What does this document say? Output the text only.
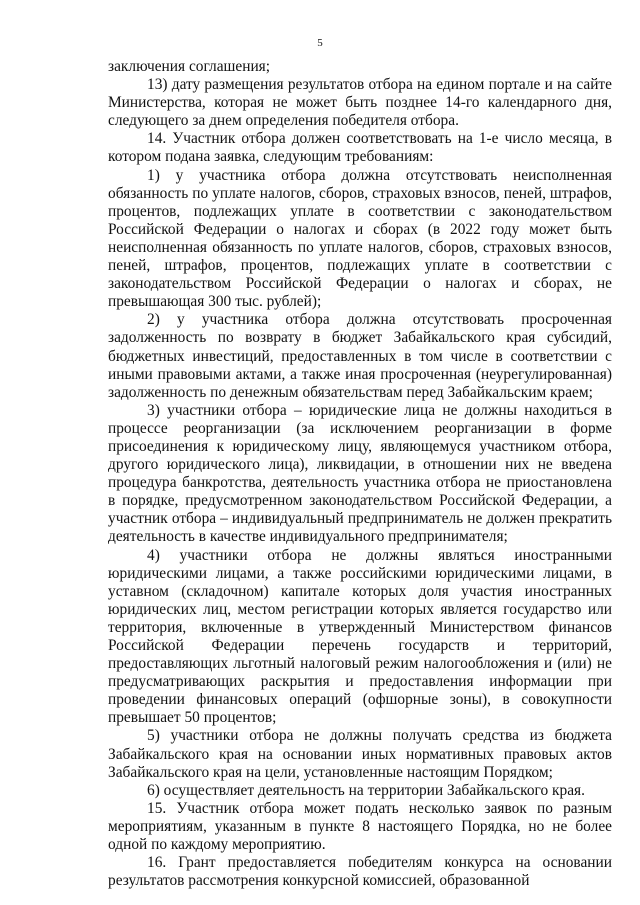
5

заключения соглашения;

13) дату размещения результатов отбора на едином портале и на сайте Министерства, которая не может быть позднее 14-го календарного дня, следующего за днем определения победителя отбора.

14. Участник отбора должен соответствовать на 1-е число месяца, в котором подана заявка, следующим требованиям:

1) у участника отбора должна отсутствовать неисполненная обязанность по уплате налогов, сборов, страховых взносов, пеней, штрафов, процентов, подлежащих уплате в соответствии с законодательством Российской Федерации о налогах и сборах (в 2022 году может быть неисполненная обязанность по уплате налогов, сборов, страховых взносов, пеней, штрафов, процентов, подлежащих уплате в соответствии с законодательством Российской Федерации о налогах и сборах, не превышающая 300 тыс. рублей);

2) у участника отбора должна отсутствовать просроченная задолженность по возврату в бюджет Забайкальского края субсидий, бюджетных инвестиций, предоставленных в том числе в соответствии с иными правовыми актами, а также иная просроченная (неурегулированная) задолженность по денежным обязательствам перед Забайкальским краем;

3) участники отбора – юридические лица не должны находиться в процессе реорганизации (за исключением реорганизации в форме присоединения к юридическому лицу, являющемуся участником отбора, другого юридического лица), ликвидации, в отношении них не введена процедура банкротства, деятельность участника отбора не приостановлена в порядке, предусмотренном законодательством Российской Федерации, а участник отбора – индивидуальный предприниматель не должен прекратить деятельность в качестве индивидуального предпринимателя;

4) участники отбора не должны являться иностранными юридическими лицами, а также российскими юридическими лицами, в уставном (складочном) капитале которых доля участия иностранных юридических лиц, местом регистрации которых является государство или территория, включенные в утвержденный Министерством финансов Российской Федерации перечень государств и территорий, предоставляющих льготный налоговый режим налогообложения и (или) не предусматривающих раскрытия и предоставления информации при проведении финансовых операций (офшорные зоны), в совокупности превышает 50 процентов;

5) участники отбора не должны получать средства из бюджета Забайкальского края на основании иных нормативных правовых актов Забайкальского края на цели, установленные настоящим Порядком;

6) осуществляет деятельность на территории Забайкальского края.

15. Участник отбора может подать несколько заявок по разным мероприятиям, указанным в пункте 8 настоящего Порядка, но не более одной по каждому мероприятию.

16. Грант предоставляется победителям конкурса на основании результатов рассмотрения конкурсной комиссией, образованной
